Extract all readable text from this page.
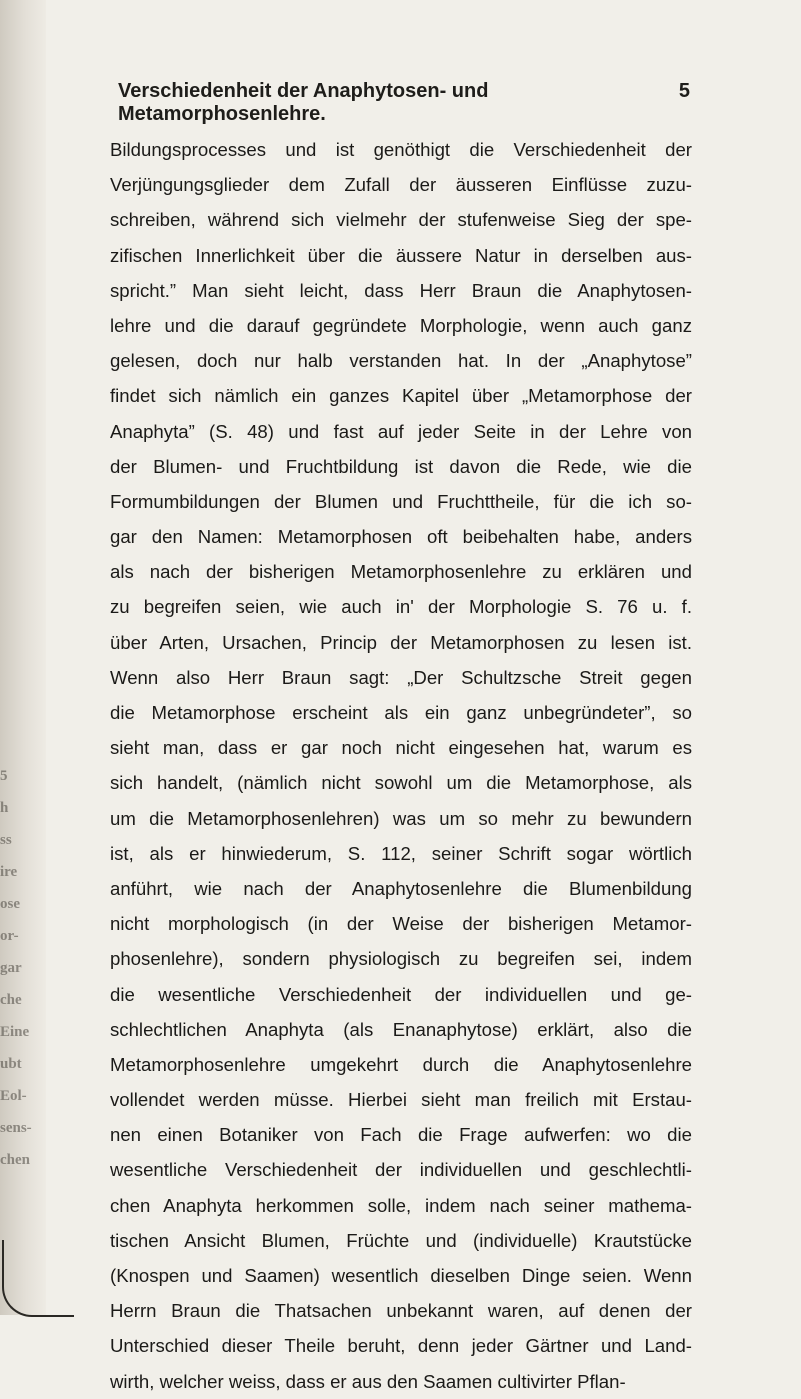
5
h
ss
ire
ose
or-
gar
che
Eine
ubt
Eol-
sens-
chen
Verschiedenheit der Anaphytosen- und Metamorphosenlehre.
5
Bildungsprocesses und ist genöthigt die Verschiedenheit der
Verjüngungsglieder dem Zufall der äusseren Einflüsse zuzu-
schreiben, während sich vielmehr der stufenweise Sieg der spe-
zifischen Innerlichkeit über die äussere Natur in derselben aus-
spricht.” Man sieht leicht, dass Herr Braun die Anaphytosen-
lehre und die darauf gegründete Morphologie, wenn auch ganz
gelesen, doch nur halb verstanden hat. In der „Anaphytose”
findet sich nämlich ein ganzes Kapitel über „Metamorphose der
Anaphyta” (S. 48) und fast auf jeder Seite in der Lehre von
der Blumen- und Fruchtbildung ist davon die Rede, wie die
Formumbildungen der Blumen und Fruchttheile, für die ich so-
gar den Namen: Metamorphosen oft beibehalten habe, anders
als nach der bisherigen Metamorphosenlehre zu erklären und
zu begreifen seien, wie auch in' der Morphologie S. 76 u. f.
über Arten, Ursachen, Princip der Metamorphosen zu lesen ist.
Wenn also Herr Braun sagt: „Der Schultzsche Streit gegen
die Metamorphose erscheint als ein ganz unbegründeter”, so
sieht man, dass er gar noch nicht eingesehen hat, warum es
sich handelt, (nämlich nicht sowohl um die Metamorphose, als
um die Metamorphosenlehren) was um so mehr zu bewundern
ist, als er hinwiederum, S. 112, seiner Schrift sogar wörtlich
anführt, wie nach der Anaphytosenlehre die Blumenbildung
nicht morphologisch (in der Weise der bisherigen Metamor-
phosenlehre), sondern physiologisch zu begreifen sei, indem
die wesentliche Verschiedenheit der individuellen und ge-
schlechtlichen Anaphyta (als Enanaphytose) erklärt, also die
Metamorphosenlehre umgekehrt durch die Anaphytosenlehre
vollendet werden müsse. Hierbei sieht man freilich mit Erstau-
nen einen Botaniker von Fach die Frage aufwerfen: wo die
wesentliche Verschiedenheit der individuellen und geschlechtli-
chen Anaphyta herkommen solle, indem nach seiner mathema-
tischen Ansicht Blumen, Früchte und (individuelle) Krautstücke
(Knospen und Saamen) wesentlich dieselben Dinge seien. Wenn
Herrn Braun die Thatsachen unbekannt waren, auf denen der
Unterschied dieser Theile beruht, denn jeder Gärtner und Land-
wirth, welcher weiss, dass er aus den Saamen cultivirter Pflan-
